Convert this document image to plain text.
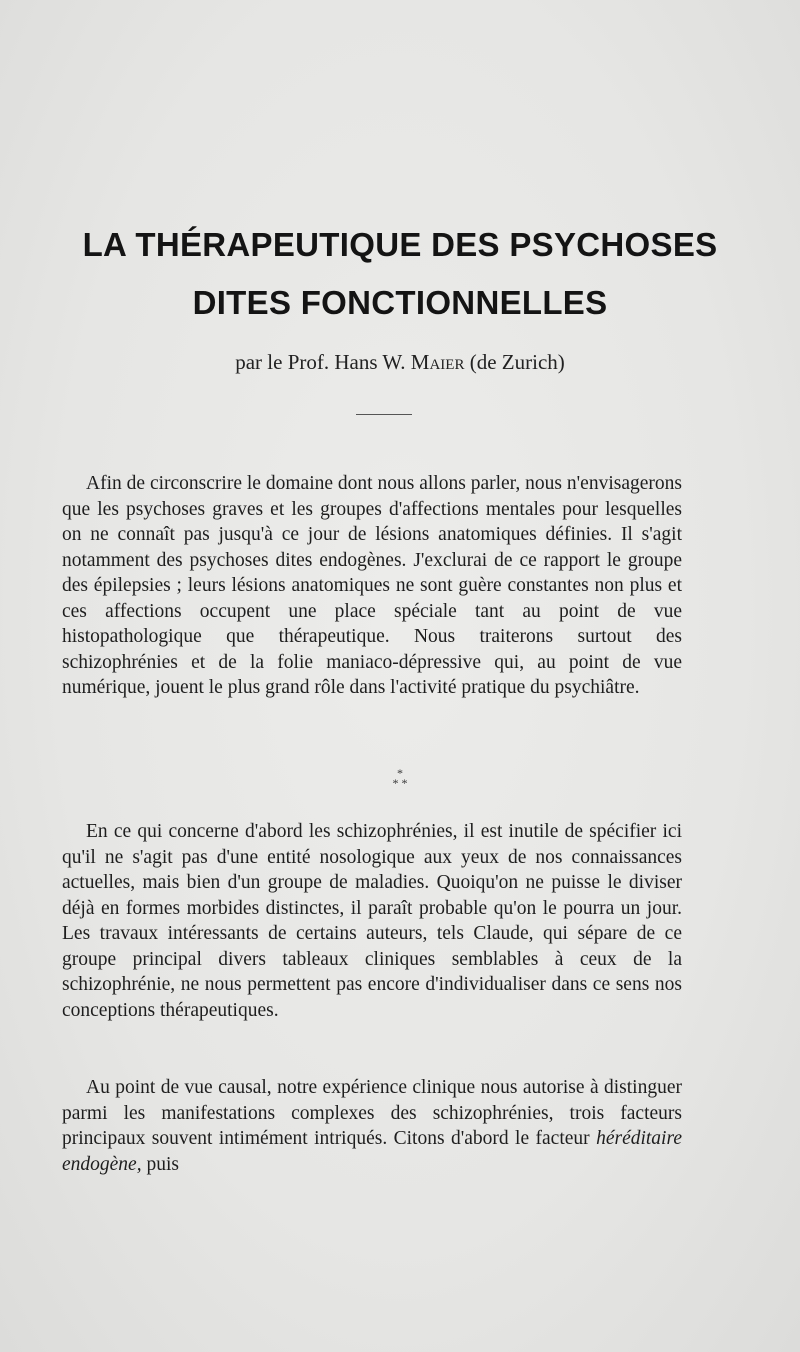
LA THÉRAPEUTIQUE DES PSYCHOSES
DITES FONCTIONNELLES
par le Prof. Hans W. Maier (de Zurich)

Afin de circonscrire le domaine dont nous allons parler, nous n'envisagerons que les psychoses graves et les groupes d'affections mentales pour lesquelles on ne connaît pas jusqu'à ce jour de lésions anatomiques définies. Il s'agit notamment des psychoses dites endogènes. J'exclurai de ce rapport le groupe des épilepsies ; leurs lésions anatomiques ne sont guère constantes non plus et ces affections occupent une place spéciale tant au point de vue histopathologique que thérapeutique. Nous traiterons surtout des schizophrénies et de la folie maniaco-dépressive qui, au point de vue numérique, jouent le plus grand rôle dans l'activité pratique du psychiâtre.

*
* *

En ce qui concerne d'abord les schizophrénies, il est inutile de spécifier ici qu'il ne s'agit pas d'une entité nosologique aux yeux de nos connaissances actuelles, mais bien d'un groupe de maladies. Quoiqu'on ne puisse le diviser déjà en formes morbides distinctes, il paraît probable qu'on le pourra un jour. Les travaux intéressants de certains auteurs, tels Claude, qui sépare de ce groupe principal divers tableaux cliniques semblables à ceux de la schizophrénie, ne nous permettent pas encore d'individualiser dans ce sens nos conceptions thérapeutiques.

Au point de vue causal, notre expérience clinique nous autorise à distinguer parmi les manifestations complexes des schizophrénies, trois facteurs principaux souvent intimément intriqués. Citons d'abord le facteur héréditaire endogène, puis
